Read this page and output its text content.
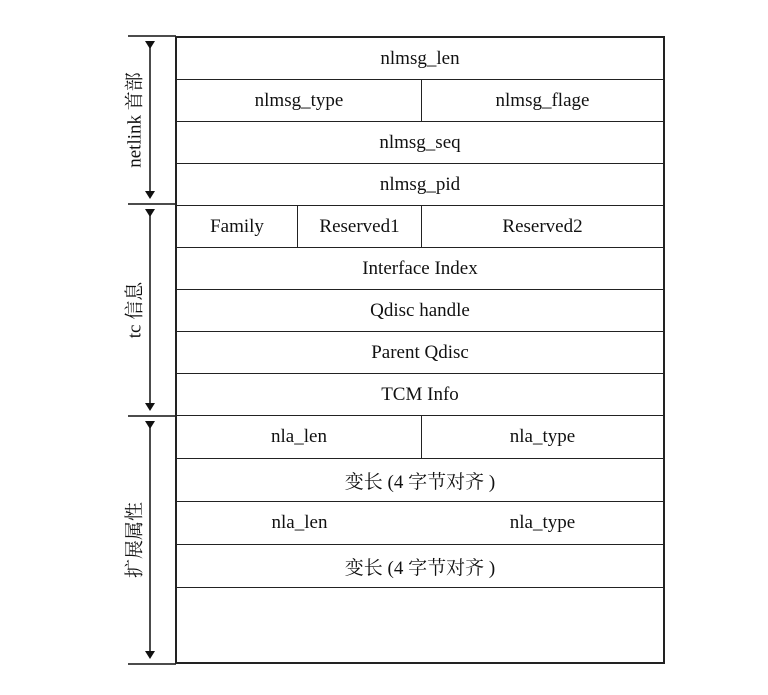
netlink 首部
tc 信息
扩展属性
nlmsg_len
nlmsg_type	nlmsg_flage
nlmsg_seq
nlmsg_pid
Family	Reserved1	Reserved2
Interface Index
Qdisc handle
Parent Qdisc
TCM Info
nla_len	nla_type
变长 (4 字节对齐 )
nla_len	nla_type
变长 (4 字节对齐 )
